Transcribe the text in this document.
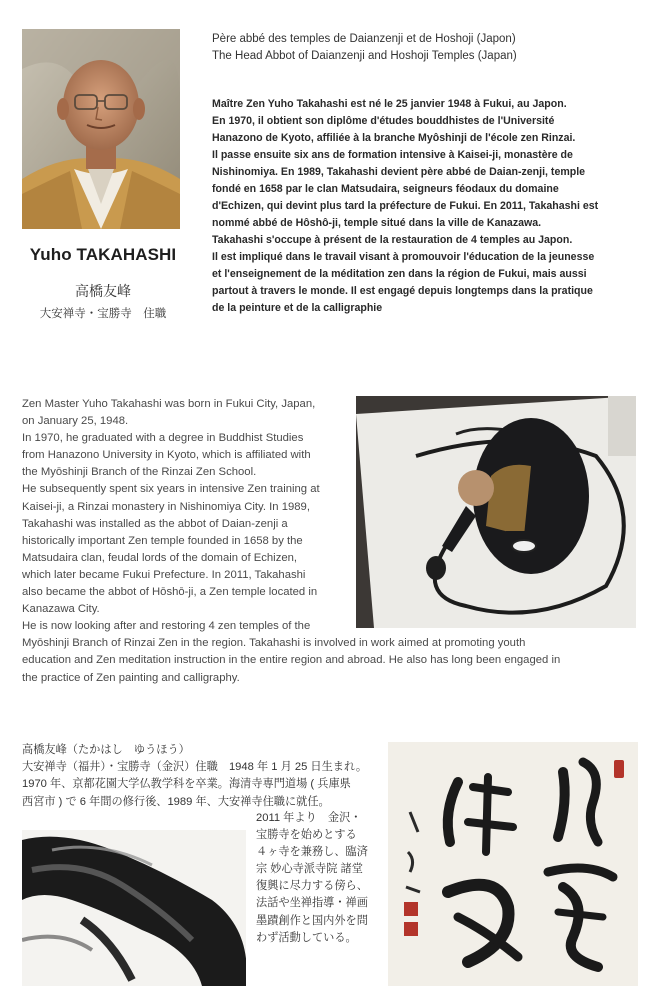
Yuho TAKAHASHI
高橋友峰
大安禅寺・宝勝寺　住職
Père abbé des temples de Daianzenji et de Hoshoji (Japon)
The Head Abbot of Daianzenji and Hoshoji Temples (Japan)
Maître Zen Yuho Takahashi est né le 25 janvier 1948 à Fukui, au Japon.
En 1970, il obtient son diplôme d'études bouddhistes de l'Université
Hanazono de Kyoto, affiliée à la branche Myôshinji de l'école zen Rinzai.
Il passe ensuite six ans de formation intensive à Kaisei-ji, monastère de
Nishinomiya. En 1989, Takahashi devient père abbé de Daian-zenji, temple
fondé en 1658 par le clan Matsudaira, seigneurs féodaux du domaine
d'Echizen, qui devint plus tard la préfecture de Fukui. En 2011, Takahashi est
nommé abbé de Hôshô-ji, temple situé dans la ville de Kanazawa.
Takahashi s'occupe à présent de la restauration de 4 temples au Japon.
Il est impliqué dans le travail visant à promouvoir l'éducation de la jeunesse
et l'enseignement de la méditation zen dans la région de Fukui, mais aussi
partout à travers le monde. Il est engagé depuis longtemps dans la pratique
de la peinture et de la calligraphie
Zen Master Yuho Takahashi was born in Fukui City, Japan,
on January 25, 1948.
In 1970, he graduated with a degree in Buddhist Studies
from Hanazono University in Kyoto, which is affiliated with
the Myōshinji Branch of the Rinzai Zen School.
He subsequently spent six years in intensive Zen training at
Kaisei-ji, a Rinzai monastery in Nishinomiya City. In 1989,
Takahashi was installed as the abbot of Daian-zenji a
historically important Zen temple founded in 1658 by the
Matsudaira clan, feudal lords of the domain of Echizen,
which later became Fukui Prefecture. In 2011, Takahashi
also became the abbot of Hōshō-ji, a Zen temple located in
Kanazawa City.
He is now looking after and restoring 4 zen temples of the
Myōshinji Branch of Rinzai Zen in the region. Takahashi is involved in work aimed at promoting youth
education and Zen meditation instruction in the entire region and abroad. He also has long been engaged in
the practice of Zen painting and calligraphy.
高橋友峰（たかはし　ゆうほう）
大安禅寺（福井）・宝勝寺（金沢）住職　1948 年 1 月 25 日生まれ。
1970 年、京都花園大学仏教学科を卒業。海清寺専門道場 ( 兵庫県
西宮市 ) で 6 年間の修行後、1989 年、大安禅寺住職に就任。
2011 年より　金沢・
宝勝寺を始めとする
４ヶ寺を兼務し、臨済
宗 妙心寺派寺院 諸堂
復興に尽力する傍ら、
法話や坐禅指導・禅画
墨蹟創作と国内外を問
わず活動している。
